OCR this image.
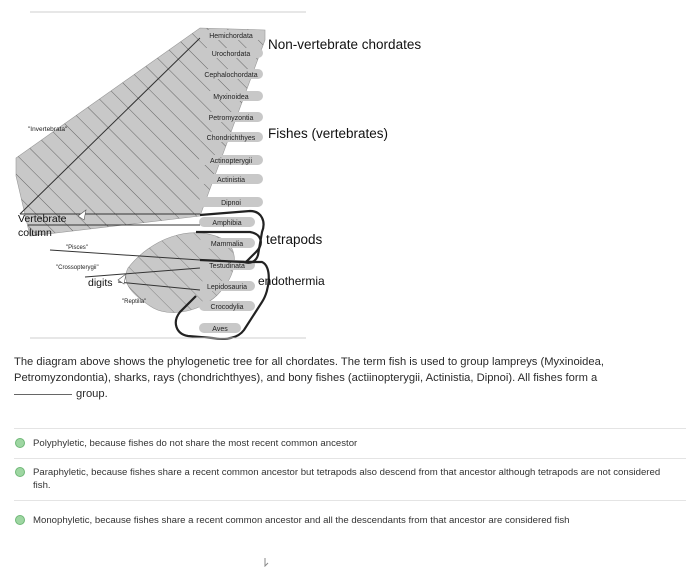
Hemichordata
Urochordata
Cephalochordata
Myxinoidea
Petromyzontia
Chondrichthyes
Actinopterygii
Actinistia
Dipnoi
Amphibia
Mammalia
Testudinata
Lepidosauria
Crocodylia
Aves
Non-vertebrate chordates
Fishes (vertebrates)
tetrapods
endothermia
"Invertebrata"
Vertebrate
column
"Pisces"
"Crossopterygii"
digits
"Reptilia"
The diagram above shows the phylogenetic tree for all chordates. The term fish is used to group lampreys (Myxinoidea,
Petromyzondontia), sharks, rays (chondrichthyes), and bony fishes (actiinopterygii, Actinistia, Dipnoi). All fishes form a
group.
Polyphyletic, because fishes do not share the most recent common ancestor
Paraphyletic, because fishes share a recent common ancestor but tetrapods also descend from that ancestor although tetrapods are not considered fish.
Monophyletic, because fishes share a recent common ancestor and all the descendants from that ancestor are considered fish
